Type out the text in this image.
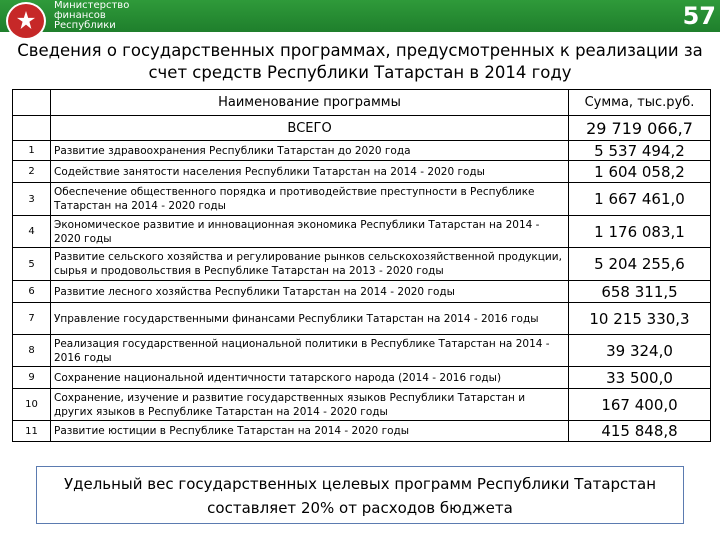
Министерство
финансов
Республики	57
Сведения о государственных программах, предусмотренных к реализации за
счет средств Республики Татарстан в 2014 году
	Наименование программы	Сумма, тыс.руб.
	ВСЕГО	29 719 066,7
1	Развитие здравоохранения Республики Татарстан до 2020 года	5 537 494,2
2	Содействие занятости населения Республики Татарстан на 2014 - 2020 годы	1 604 058,2
3	Обеспечение общественного порядка и противодействие преступности в Республике Татарстан на 2014 - 2020 годы	1 667 461,0
4	Экономическое развитие и инновационная экономика Республики Татарстан на 2014 - 2020 годы	1 176 083,1
5	Развитие сельского хозяйства и регулирование рынков сельскохозяйственной продукции, сырья и продовольствия в Республике Татарстан на 2013 - 2020 годы	5 204 255,6
6	Развитие лесного хозяйства Республики Татарстан на 2014 - 2020 годы	658 311,5
7	Управление государственными финансами Республики Татарстан на 2014 - 2016 годы	10 215 330,3
8	Реализация государственной национальной политики в Республике Татарстан на 2014 - 2016 годы	39 324,0
9	Сохранение национальной идентичности татарского народа (2014 - 2016 годы)	33 500,0
10	Сохранение, изучение и развитие государственных языков Республики Татарстан и других языков в Республике Татарстан на 2014 - 2020 годы	167 400,0
11	Развитие юстиции в Республике Татарстан на 2014 - 2020 годы	415 848,8
Удельный вес государственных целевых программ Республики Татарстан
составляет 20% от расходов бюджета
